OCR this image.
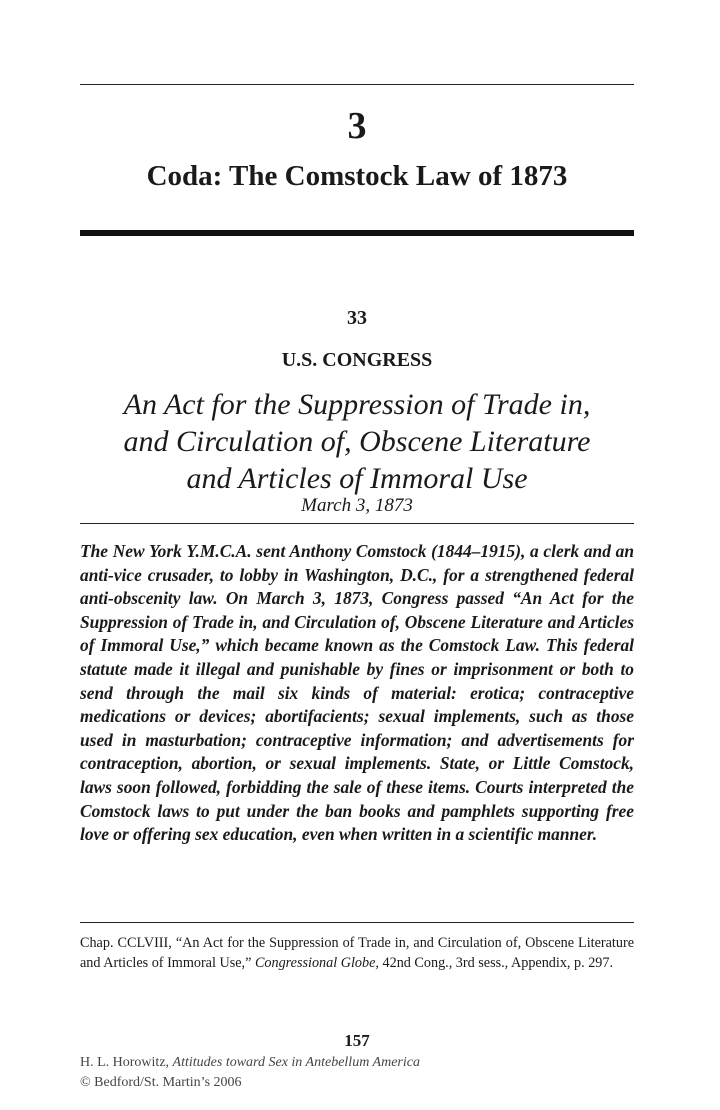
3
Coda: The Comstock Law of 1873
33
U.S. CONGRESS
An Act for the Suppression of Trade in,
and Circulation of, Obscene Literature
and Articles of Immoral Use
March 3, 1873

The New York Y.M.C.A. sent Anthony Comstock (1844–1915), a clerk and an anti-vice crusader, to lobby in Washington, D.C., for a strengthened federal anti-obscenity law. On March 3, 1873, Congress passed “An Act for the Suppression of Trade in, and Circulation of, Obscene Literature and Articles of Immoral Use,” which became known as the Comstock Law. This federal statute made it illegal and punishable by fines or imprisonment or both to send through the mail six kinds of material: erotica; contraceptive medications or devices; abortifacients; sexual implements, such as those used in masturbation; contraceptive information; and advertisements for contraception, abortion, or sexual implements. State, or Little Comstock, laws soon followed, forbidding the sale of these items. Courts interpreted the Comstock laws to put under the ban books and pamphlets supporting free love or offering sex education, even when written in a scientific manner.

Chap. CCLVIII, “An Act for the Suppression of Trade in, and Circulation of, Obscene Literature and Articles of Immoral Use,” Congressional Globe, 42nd Cong., 3rd sess., Appendix, p. 297.

157
H. L. Horowitz, Attitudes toward Sex in Antebellum America
© Bedford/St. Martin’s 2006
